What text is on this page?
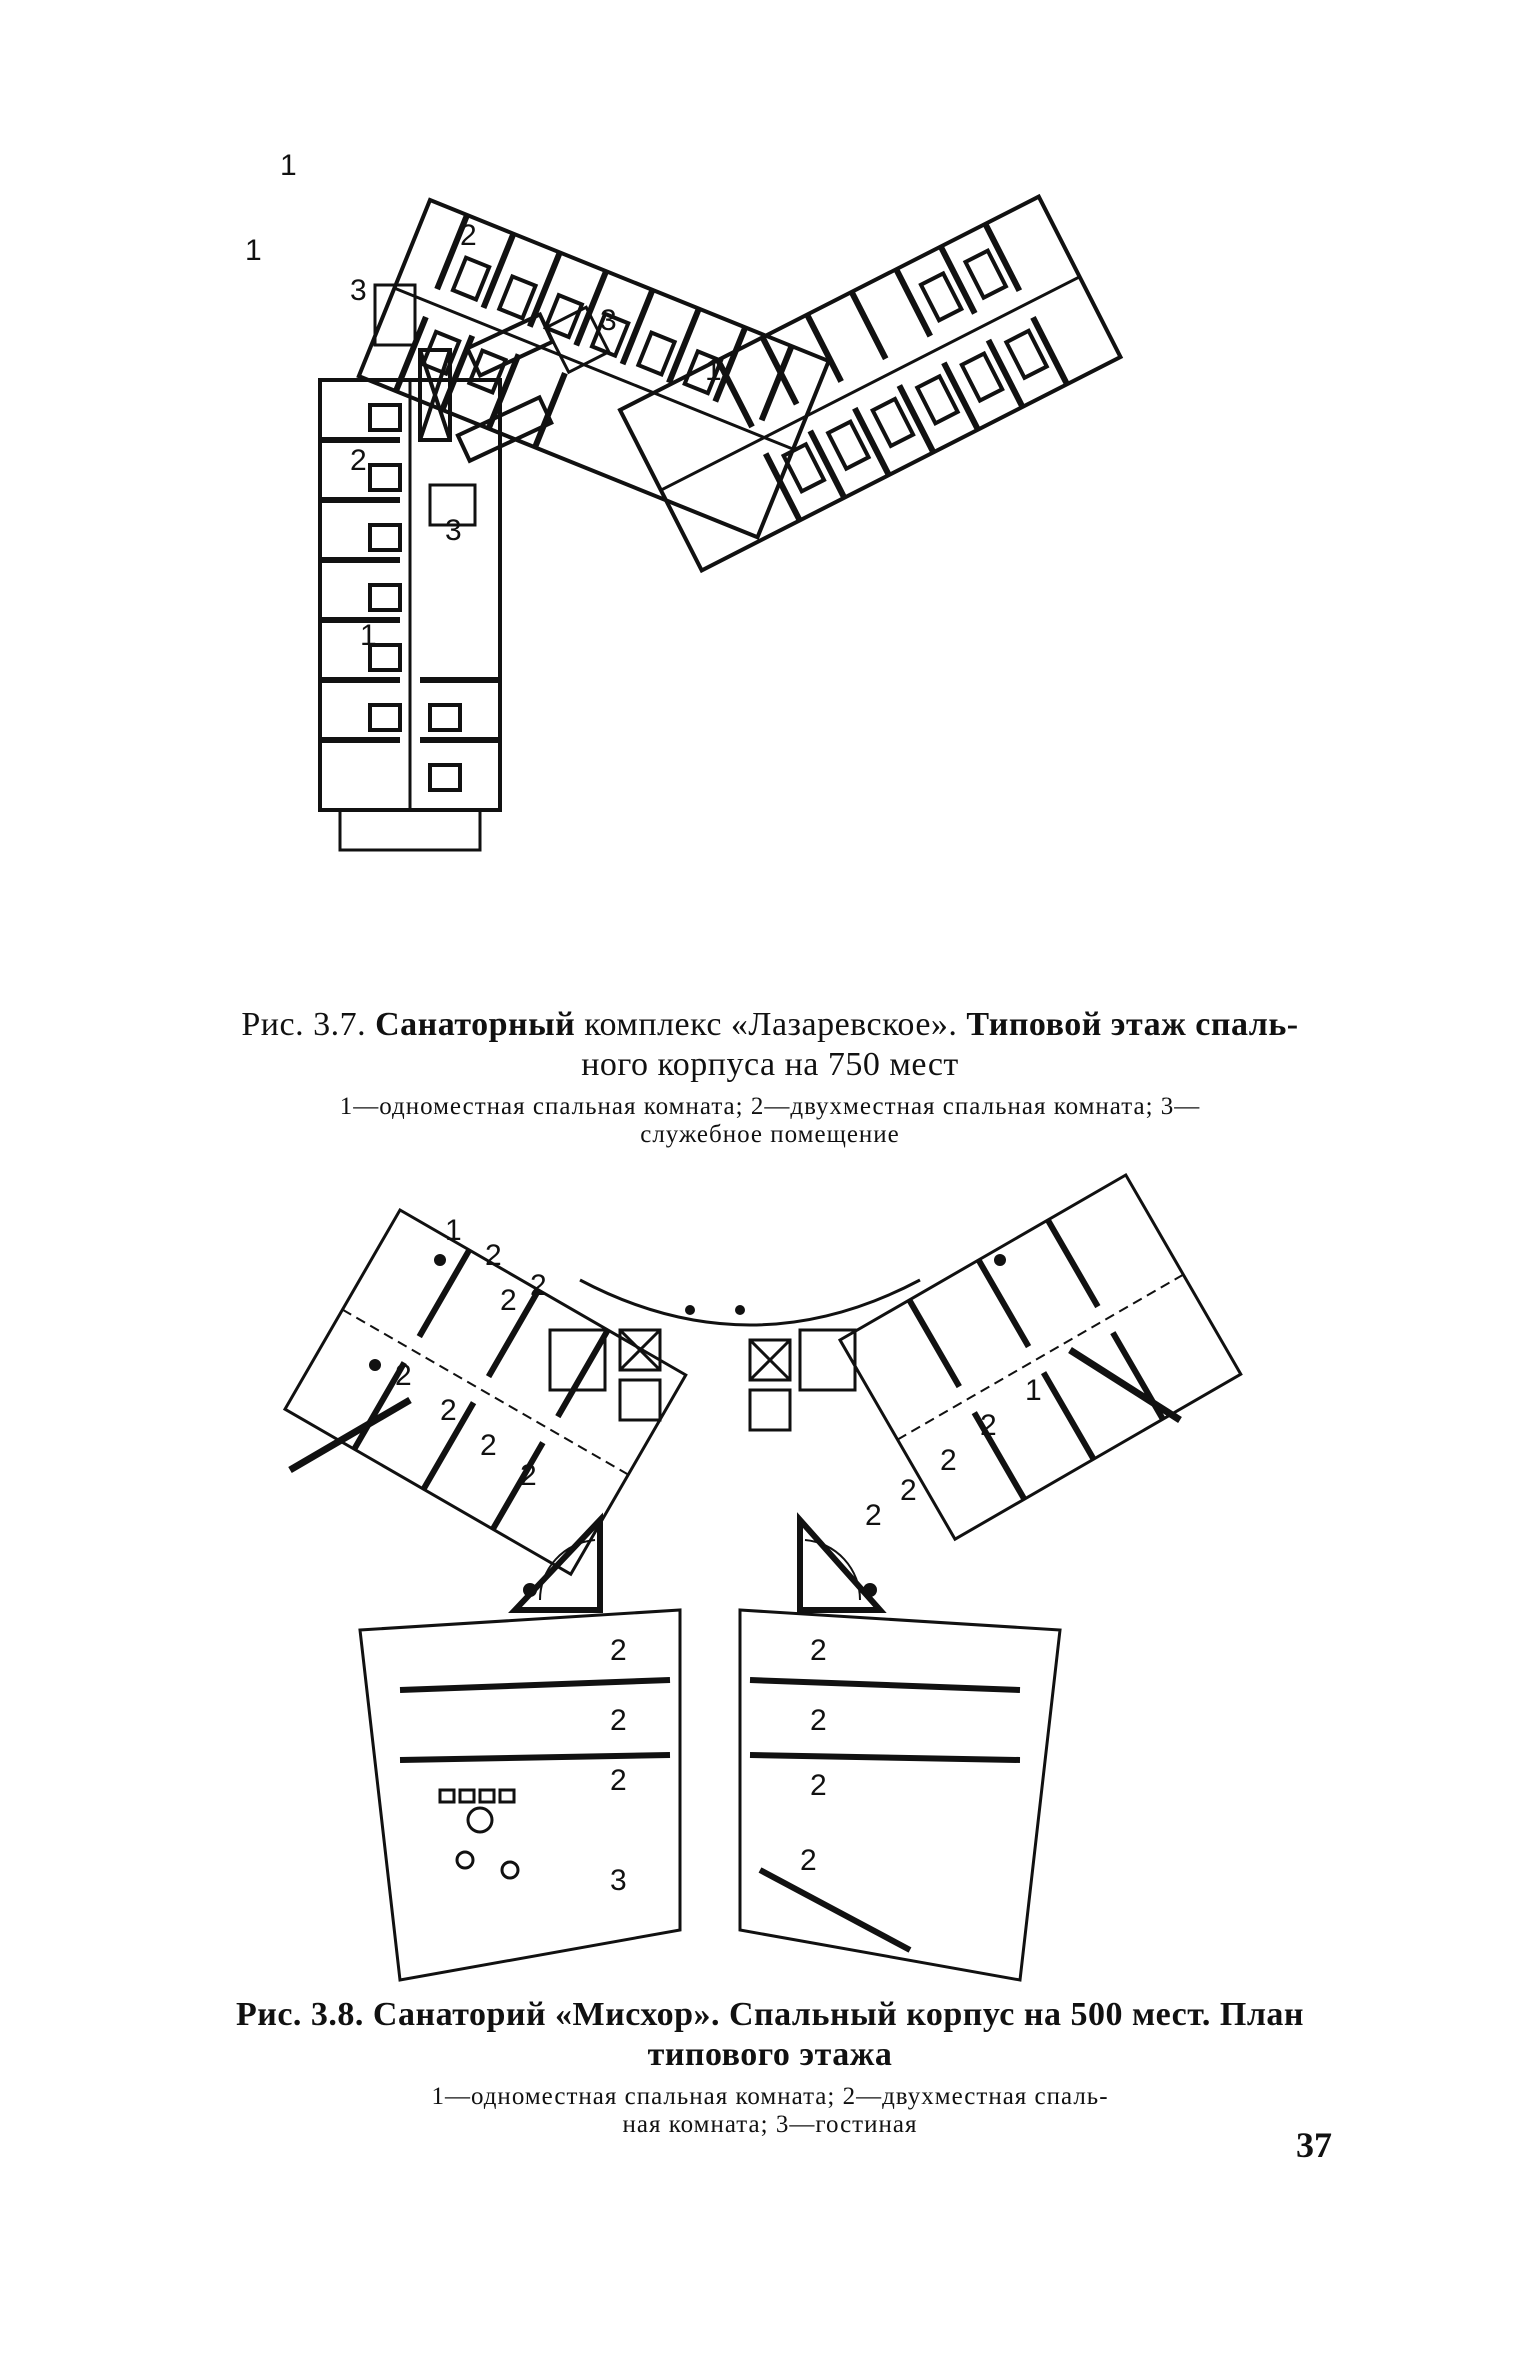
1
1	2
3
3
1
2
3
1
Рис. 3.7. Санаторный комплекс «Лазаревское». Типовой этаж спаль-
ного корпуса на 750 мест
1—одноместная спальная комната; 2—двухместная спальная комната; 3—
служебное помещение
1
2
2
2
2
2
2	2
2
2
1
2
2
2
2
2
2
2
2
2
3
Рис. 3.8. Санаторий «Мисхор». Спальный корпус на 500 мест. План
типового этажа
1—одноместная спальная комната; 2—двухместная спаль-
ная комната; 3—гостиная
37
